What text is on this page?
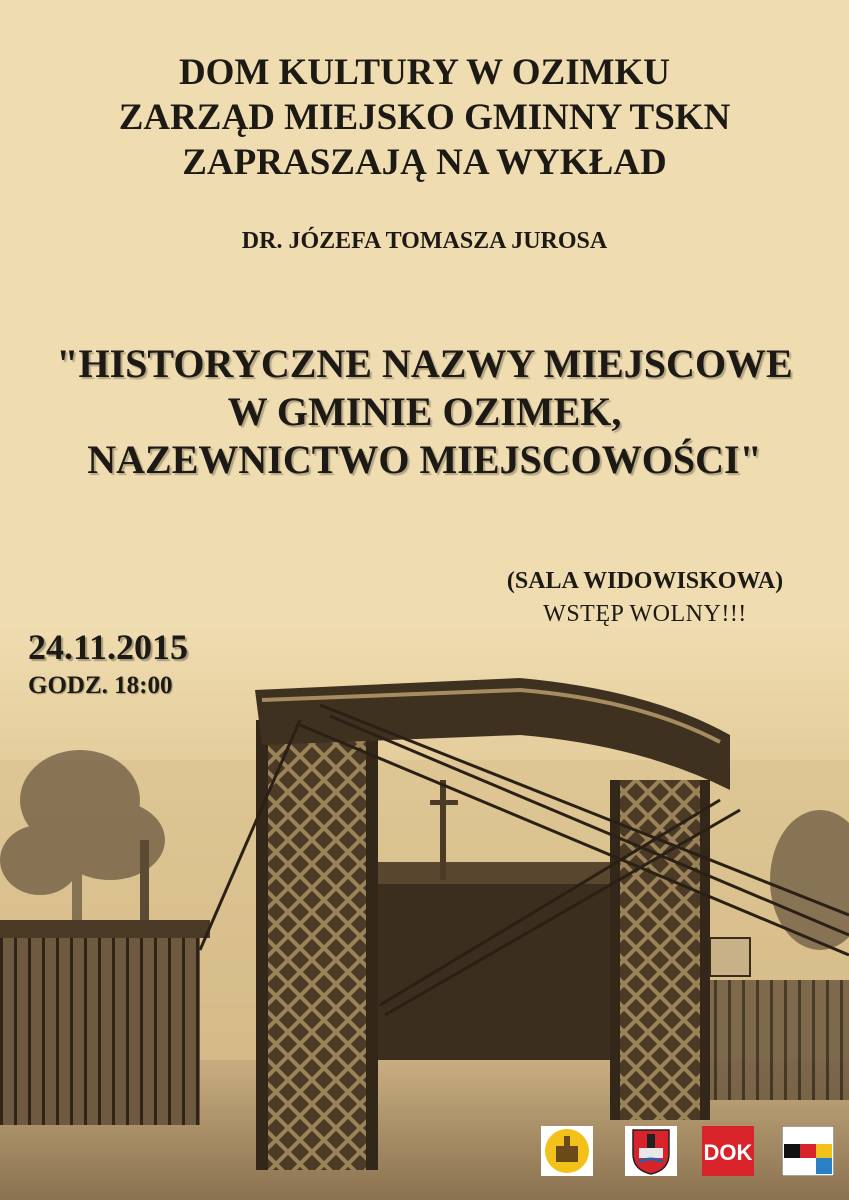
DOM KULTURY W OZIMKU
ZARZĄD MIEJSKO GMINNY TSKN
ZAPRASZAJĄ NA WYKŁAD

DR. JÓZEFA TOMASZA JUROSA

"HISTORYCZNE NAZWY MIEJSCOWE
W GMINIE OZIMEK,
NAZEWNICTWO MIEJSCOWOŚCI"
(SALA WIDOWISKOWA)
WSTĘP WOLNY!!!

24.11.2015

GODZ. 18:00

DOK
